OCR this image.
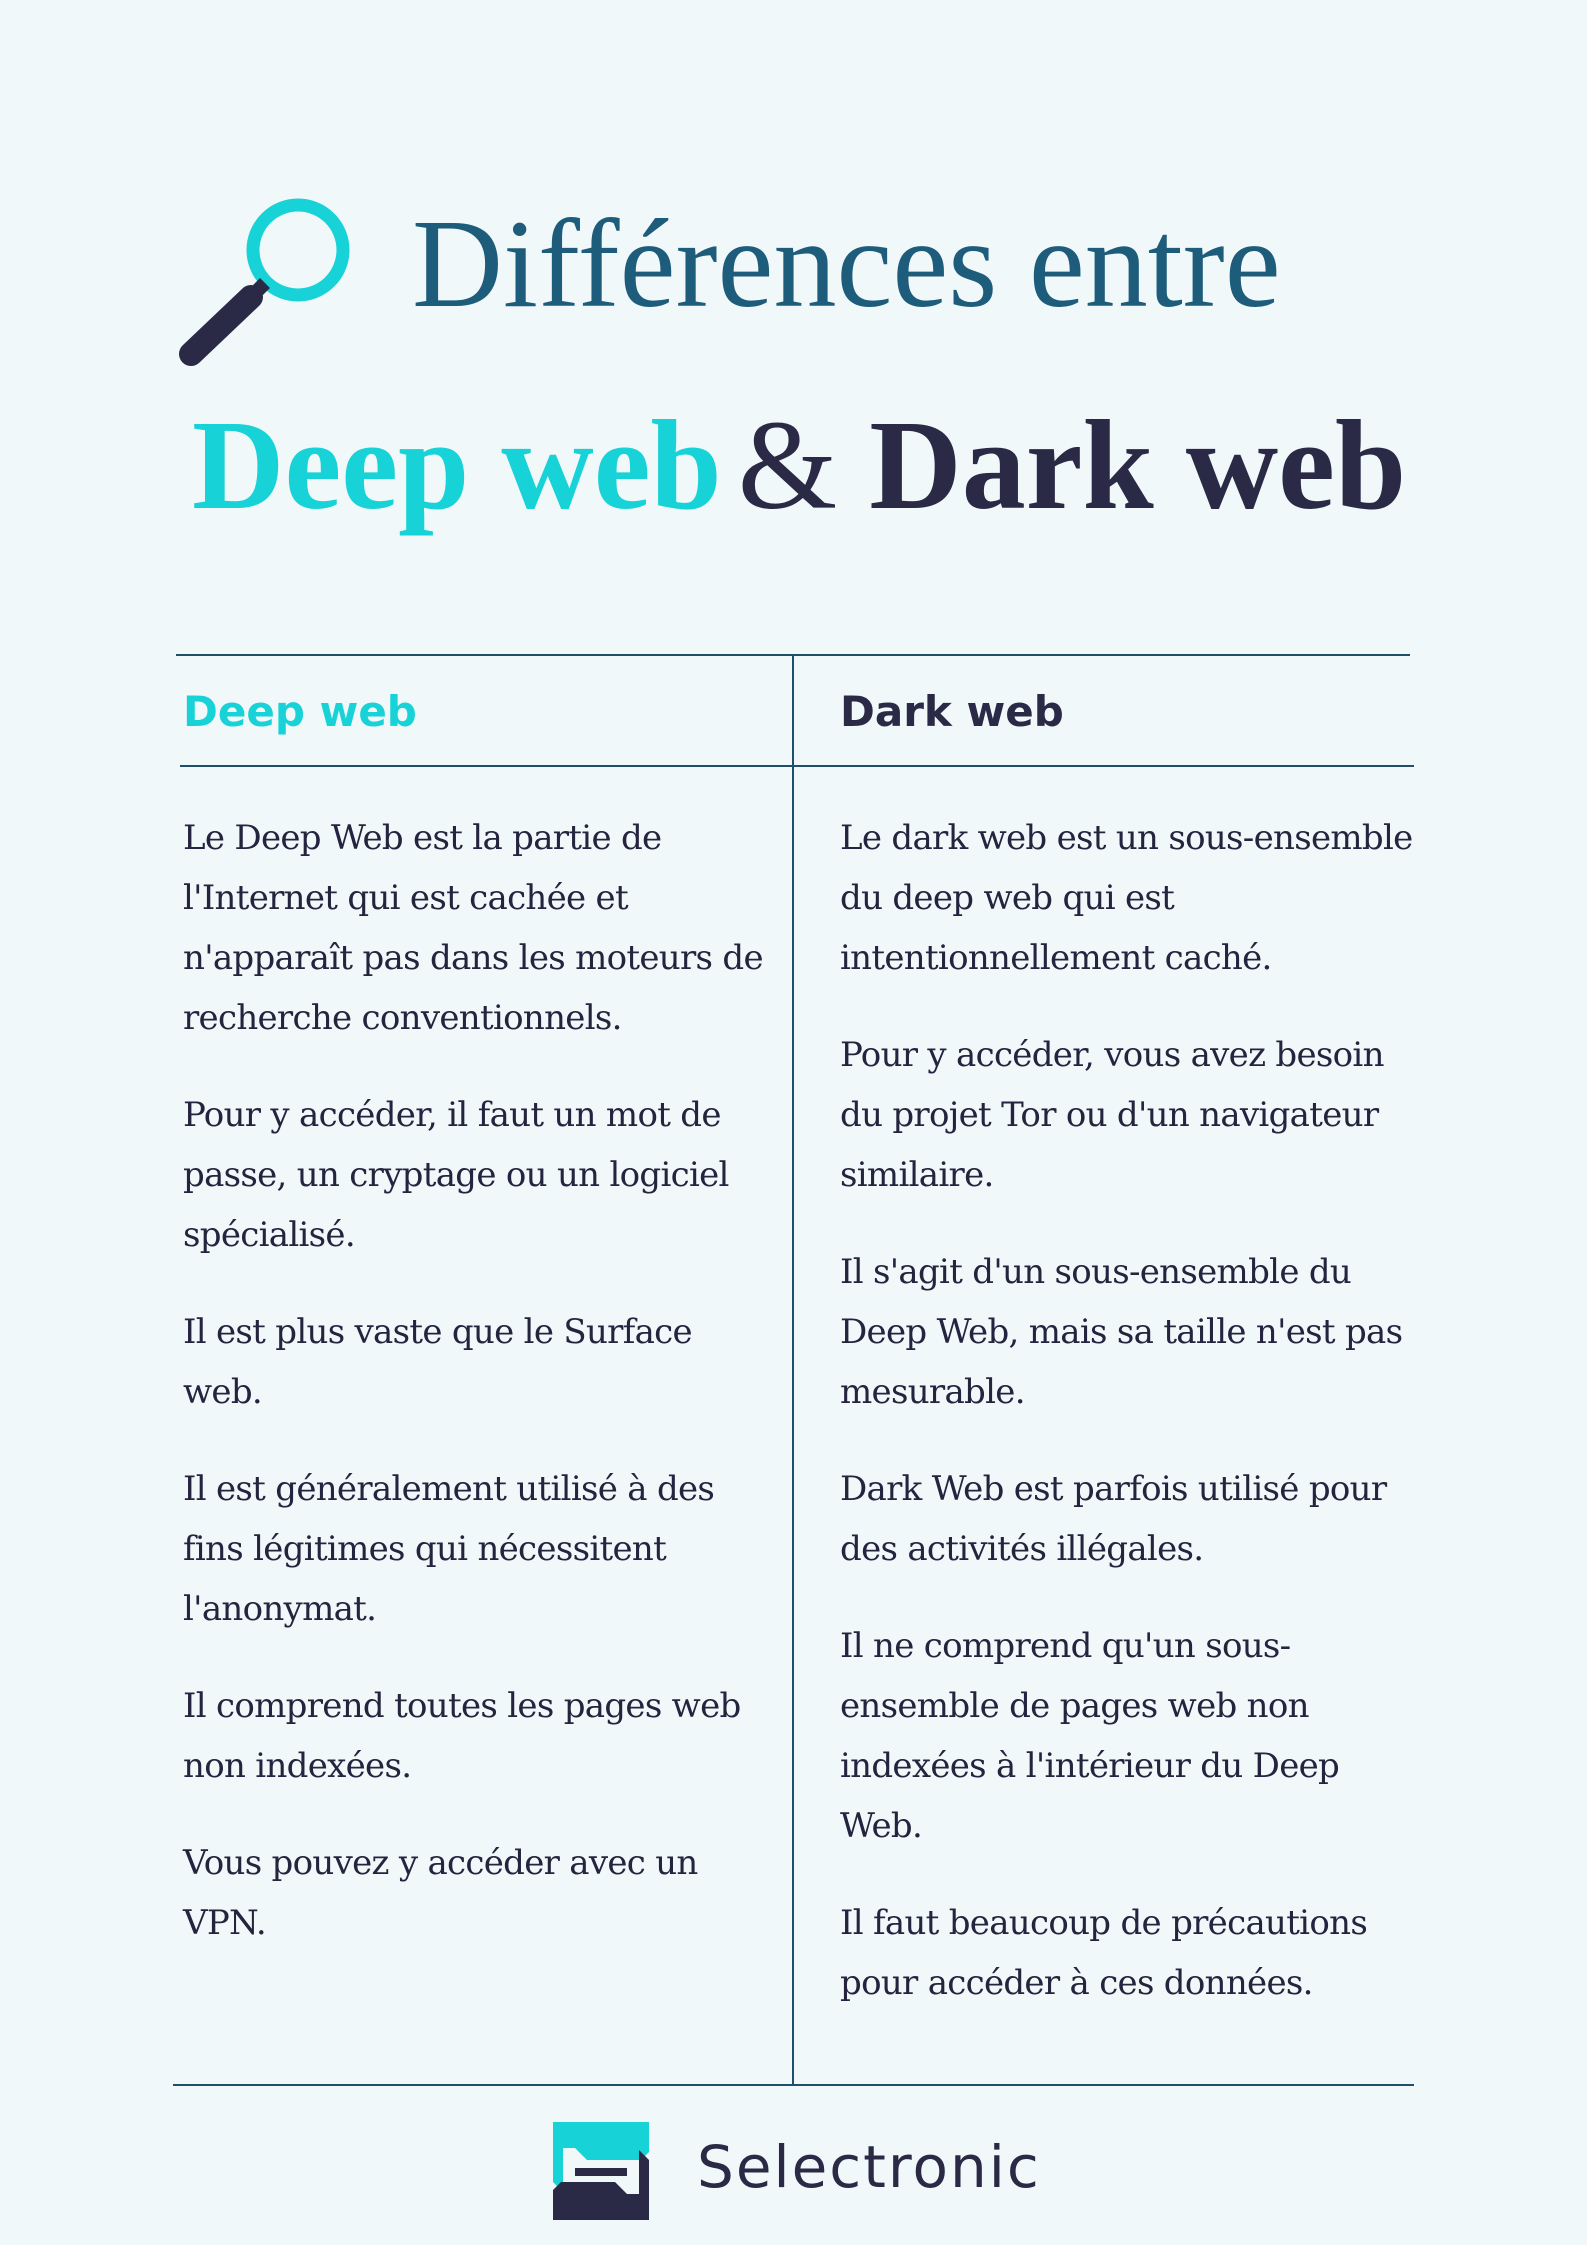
Différences entre
Deep web & Dark web
Deep web	Dark web

Le Deep Web est la partie de l'Internet qui est cachée et n'apparaît pas dans les moteurs de recherche conventionnels.

Pour y accéder, il faut un mot de passe, un cryptage ou un logiciel spécialisé.

Il est plus vaste que le Surface web.

Il est généralement utilisé à des fins légitimes qui nécessitent l'anonymat.

Il comprend toutes les pages web non indexées.

Vous pouvez y accéder avec un VPN.

Le dark web est un sous-ensemble du deep web qui est intentionnellement caché.

Pour y accéder, vous avez besoin du projet Tor ou d'un navigateur similaire.

Il s'agit d'un sous-ensemble du Deep Web, mais sa taille n'est pas mesurable.

Dark Web est parfois utilisé pour des activités illégales.

Il ne comprend qu'un sous-ensemble de pages web non indexées à l'intérieur du Deep Web.

Il faut beaucoup de précautions pour accéder à ces données.

Selectronic
